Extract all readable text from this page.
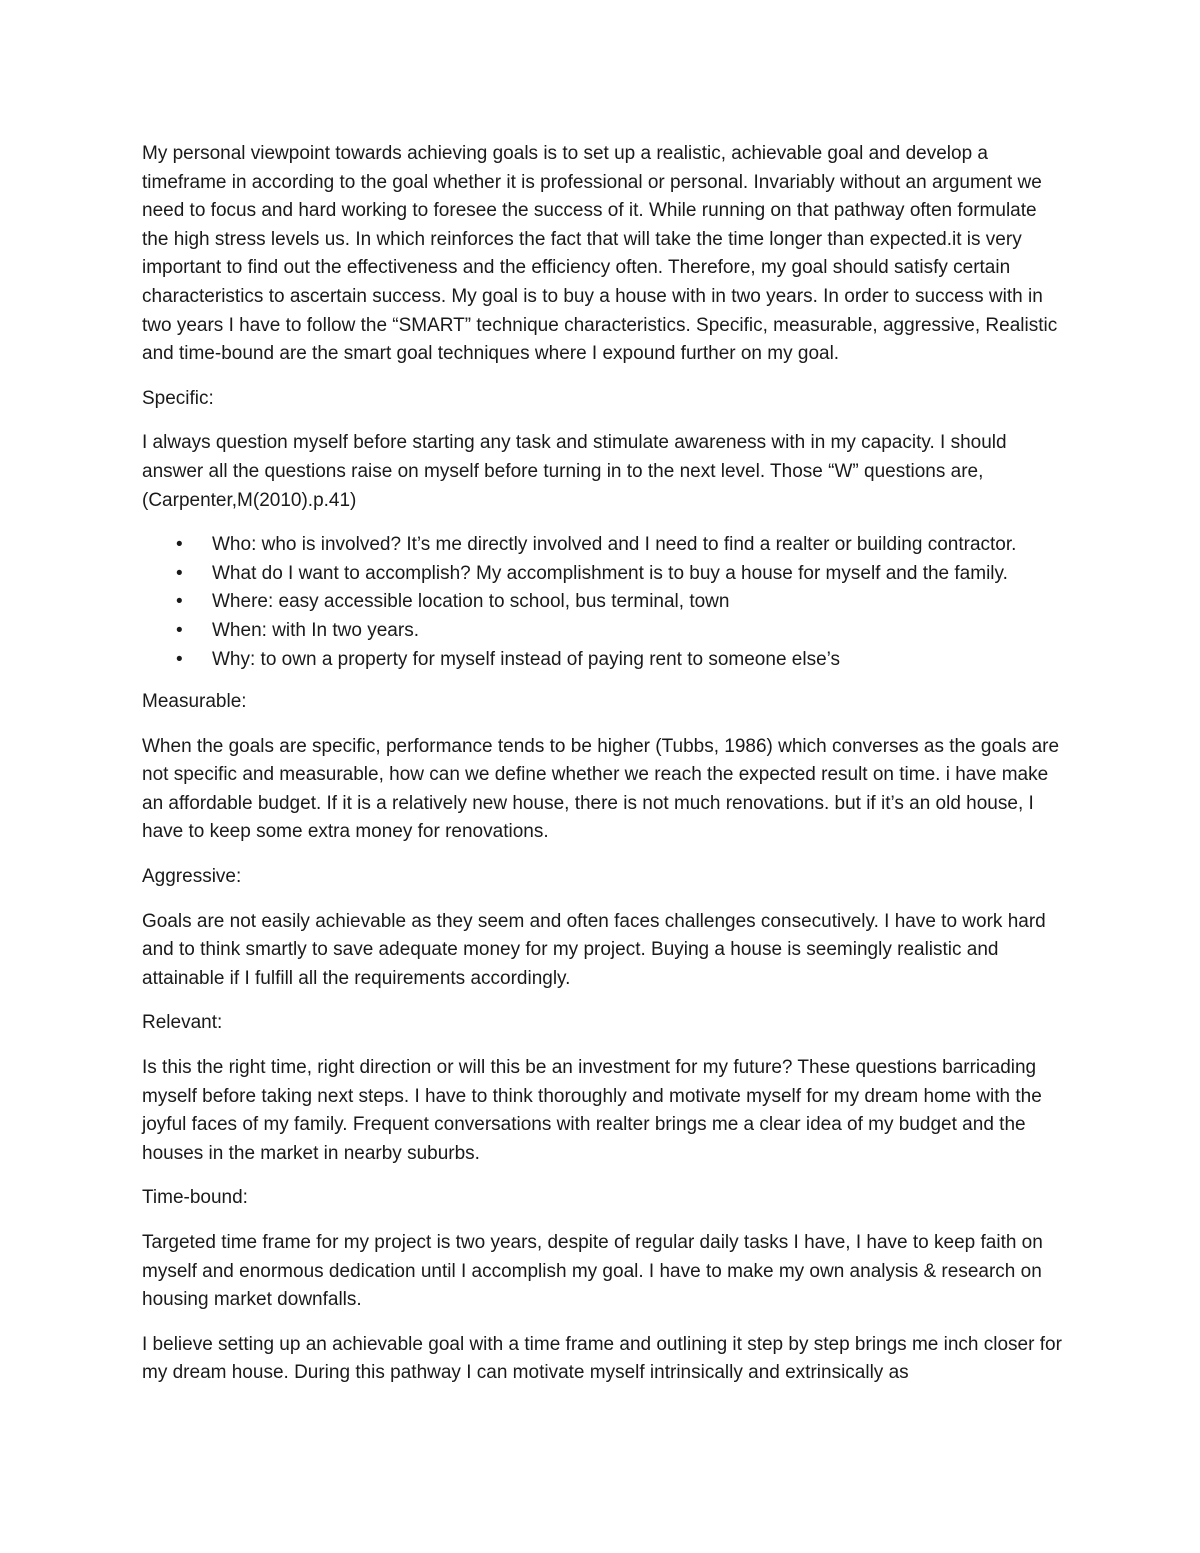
My personal viewpoint towards achieving goals is to set up a realistic, achievable goal and develop a timeframe in according to the goal whether it is professional or personal. Invariably without an argument we need to focus and hard working to foresee the success of it. While running on that pathway often formulate the high stress levels us. In which reinforces the fact that will take the time longer than expected.it is very important to find out the effectiveness and the efficiency often. Therefore, my goal should satisfy certain characteristics to ascertain success. My goal is to buy a house with in two years. In order to success with in two years I have to follow the “SMART” technique characteristics. Specific, measurable, aggressive, Realistic and time-bound are the smart goal techniques where I expound further on my goal.

Specific:

I always question myself before starting any task and stimulate awareness with in my capacity. I should answer all the questions raise on myself before turning in to the next level. Those “W” questions are, (Carpenter,M(2010).p.41)

• Who: who is involved? It’s me directly involved and I need to find a realter or building contractor.
• What do I want to accomplish? My accomplishment is to buy a house for myself and the family.
• Where: easy accessible location to school, bus terminal, town
• When: with In two years.
• Why: to own a property for myself instead of paying rent to someone else’s

Measurable:

When the goals are specific, performance tends to be higher (Tubbs, 1986) which converses as the goals are not specific and measurable, how can we define whether we reach the expected result on time. i have make an affordable budget. If it is a relatively new house, there is not much renovations. but if it’s an old house, I have to keep some extra money for renovations.

Aggressive:

Goals are not easily achievable as they seem and often faces challenges consecutively. I have to work hard and to think smartly to save adequate money for my project. Buying a house is seemingly realistic and attainable if I fulfill all the requirements accordingly.

Relevant:

Is this the right time, right direction or will this be an investment for my future? These questions barricading myself before taking next steps. I have to think thoroughly and motivate myself for my dream home with the joyful faces of my family. Frequent conversations with realter brings me a clear idea of my budget and the houses in the market in nearby suburbs.

Time-bound:

Targeted time frame for my project is two years, despite of regular daily tasks I have, I have to keep faith on myself and enormous dedication until I accomplish my goal. I have to make my own analysis & research on housing market downfalls.

I believe setting up an achievable goal with a time frame and outlining it step by step brings me inch closer for my dream house. During this pathway I can motivate myself intrinsically and extrinsically as
